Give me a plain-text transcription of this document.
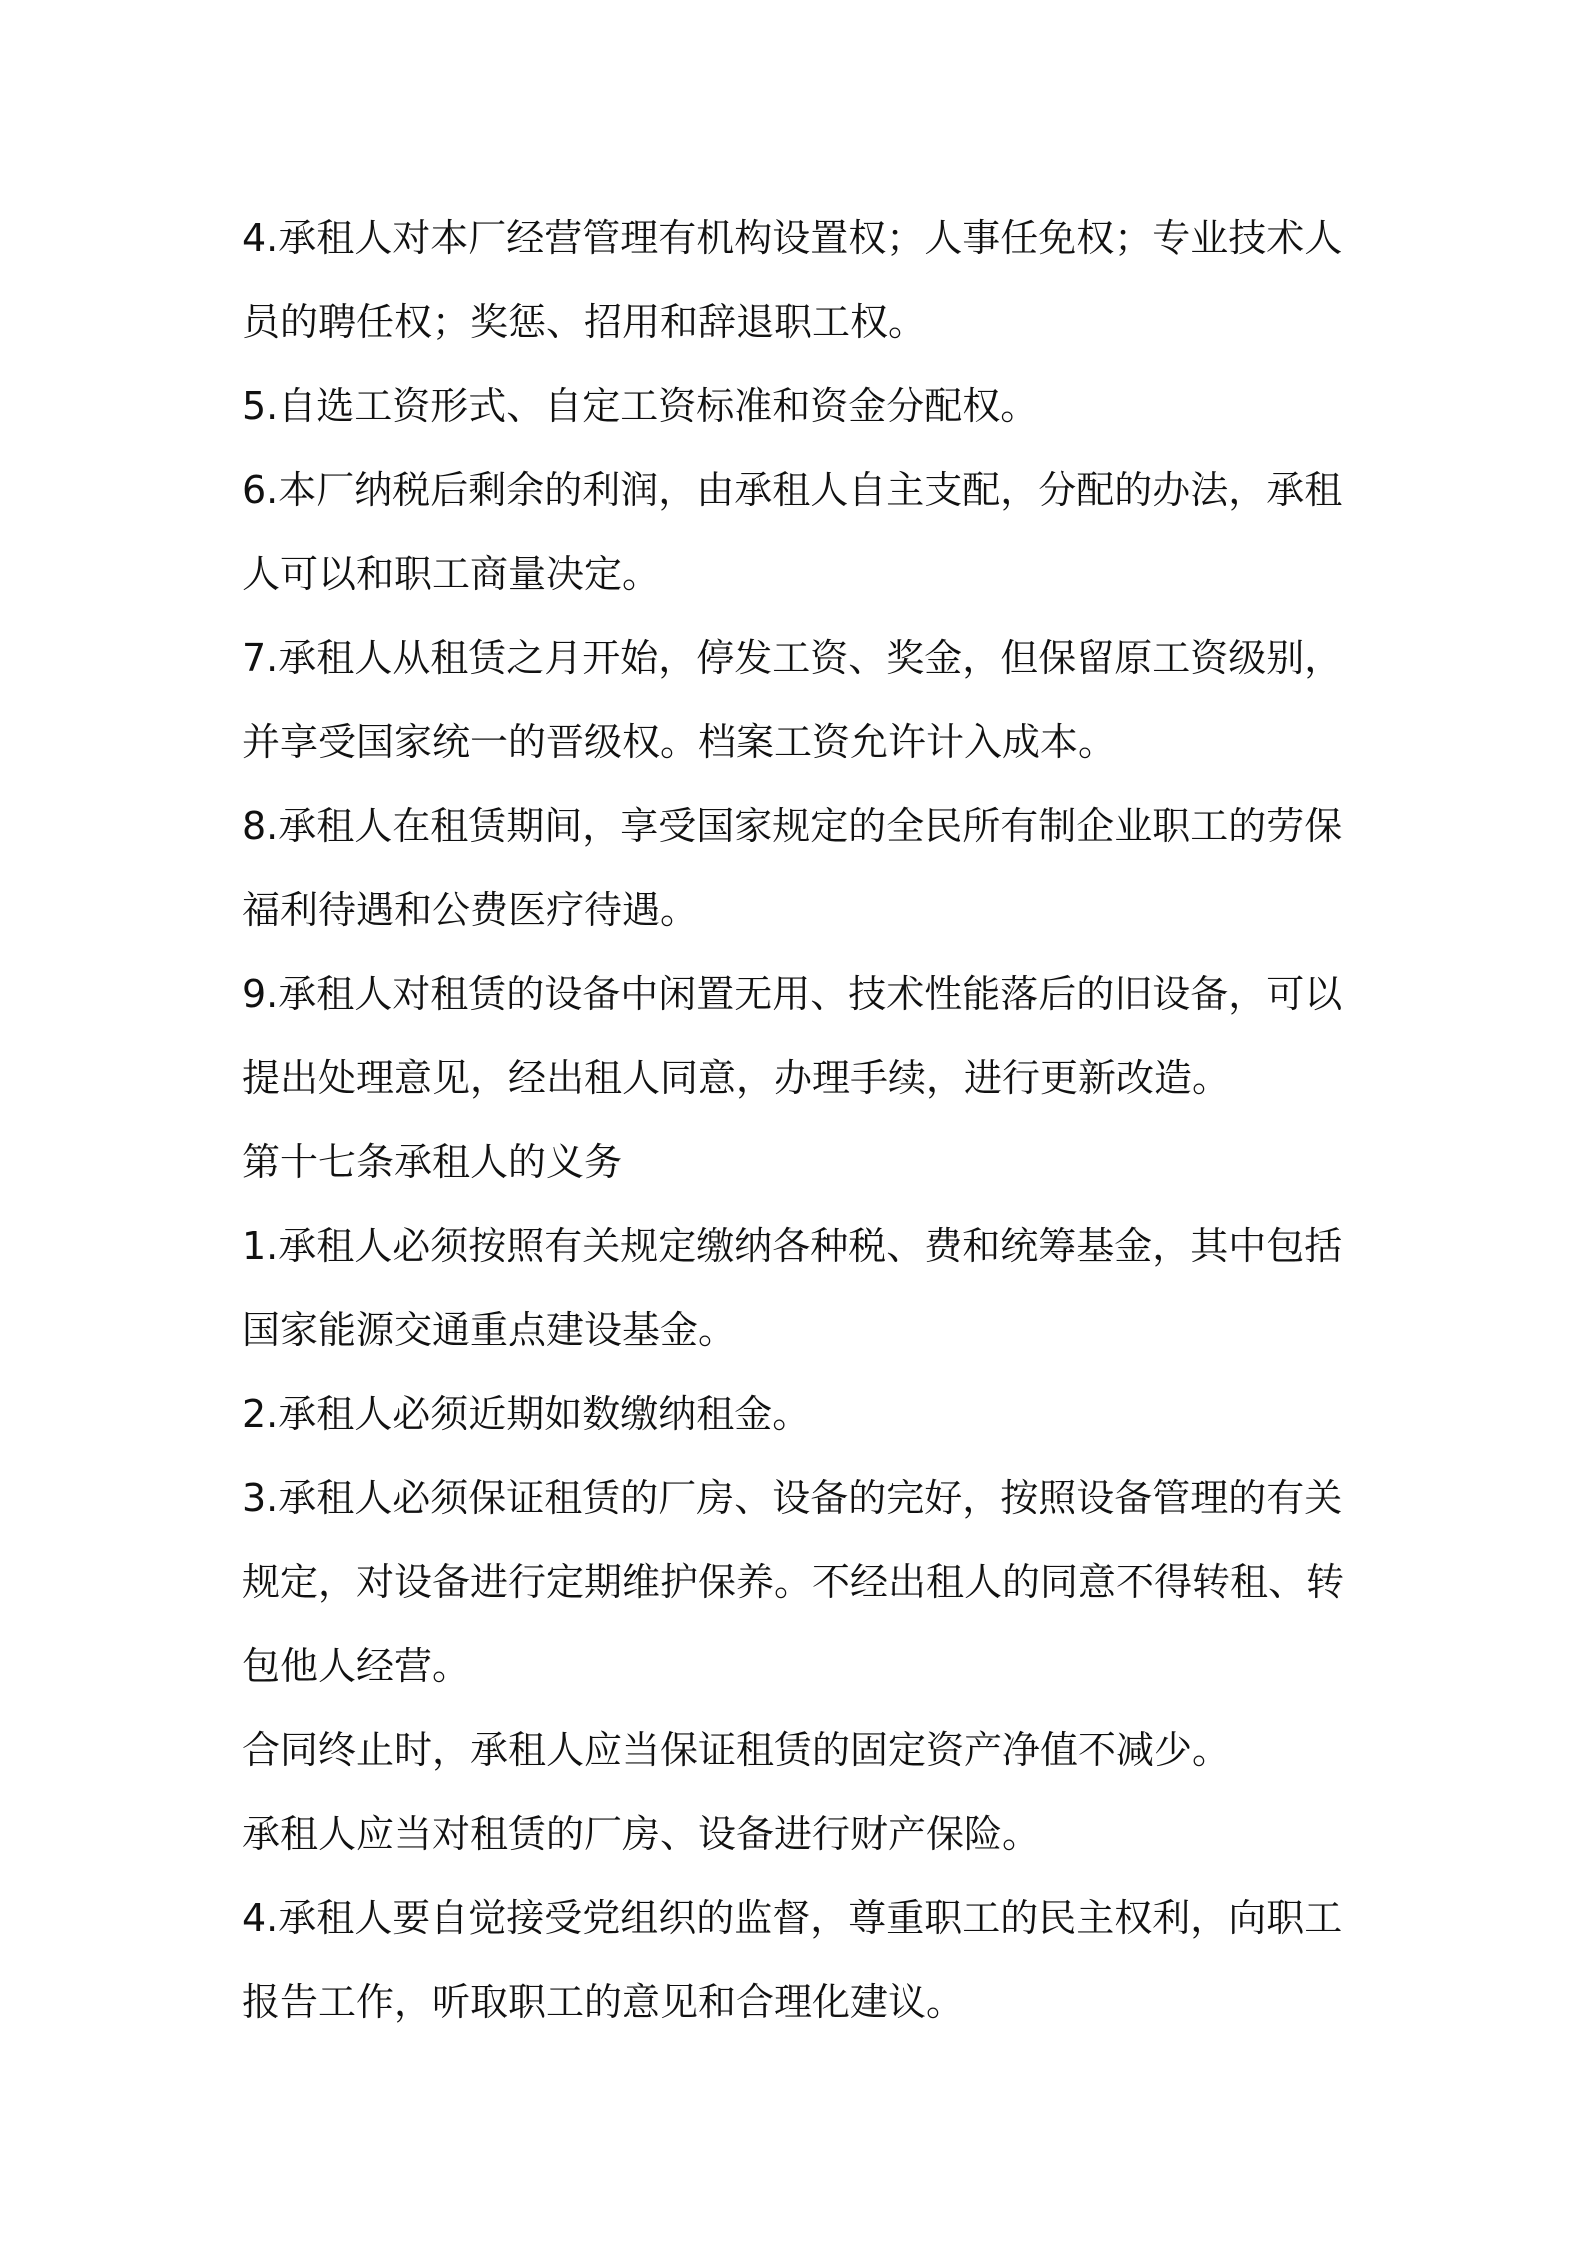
4.承租人对本厂经营管理有机构设置权；人事任免权；专业技术人员的聘任权；奖惩、招用和辞退职工权。

5.自选工资形式、自定工资标准和资金分配权。

6.本厂纳税后剩余的利润，由承租人自主支配，分配的办法，承租人可以和职工商量决定。

7.承租人从租赁之月开始，停发工资、奖金，但保留原工资级别，并享受国家统一的晋级权。档案工资允许计入成本。

8.承租人在租赁期间，享受国家规定的全民所有制企业职工的劳保福利待遇和公费医疗待遇。

9.承租人对租赁的设备中闲置无用、技术性能落后的旧设备，可以提出处理意见，经出租人同意，办理手续，进行更新改造。

第十七条承租人的义务

1.承租人必须按照有关规定缴纳各种税、费和统筹基金，其中包括国家能源交通重点建设基金。

2.承租人必须近期如数缴纳租金。

3.承租人必须保证租赁的厂房、设备的完好，按照设备管理的有关规定，对设备进行定期维护保养。不经出租人的同意不得转租、转包他人经营。

合同终止时，承租人应当保证租赁的固定资产净值不减少。

承租人应当对租赁的厂房、设备进行财产保险。

4.承租人要自觉接受党组织的监督，尊重职工的民主权利，向职工报告工作，听取职工的意见和合理化建议。
